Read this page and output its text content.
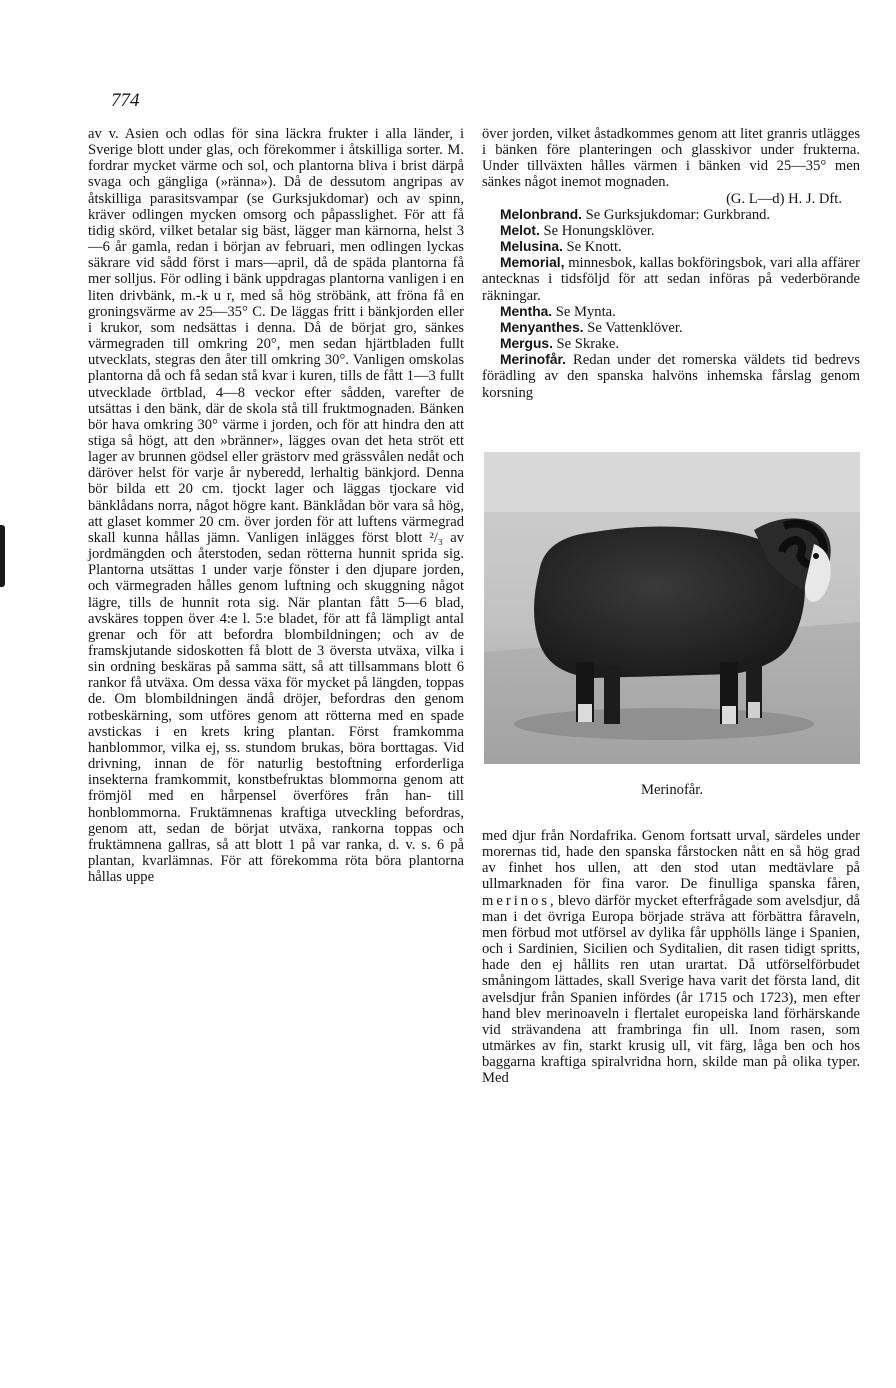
774

av v. Asien och odlas för sina läckra frukter i alla länder, i Sverige blott under glas, och förekommer i åtskilliga sorter. M. fordrar mycket värme och sol, och plantorna bliva i brist därpå svaga och gängliga (»ränna»). Då de dessutom angripas av åtskilliga parasitsvampar (se Gurksjukdomar) och av spinn, kräver odlingen mycken omsorg och påpasslighet. För att få tidig skörd, vilket betalar sig bäst, lägger man kärnorna, helst 3—6 år gamla, redan i början av februari, men odlingen lyckas säkrare vid sådd först i mars—april, då de späda plantorna få mer solljus. För odling i bänk uppdragas plantorna vanligen i en liten drivbänk, m.-k u r, med så hög ströbänk, att fröna få en groningsvärme av 25—35° C. De läggas fritt i bänkjorden eller i krukor, som nedsättas i denna. Då de börjat gro, sänkes värmegraden till omkring 20°, men sedan hjärtbladen fullt utvecklats, stegras den åter till omkring 30°. Vanligen omskolas plantorna då och få sedan stå kvar i kuren, tills de fått 1—3 fullt utvecklade örtblad, 4—8 veckor efter sådden, varefter de utsättas i den bänk, där de skola stå till fruktmognaden. Bänken bör hava omkring 30° värme i jorden, och för att hindra den att stiga så högt, att den »bränner», lägges ovan det heta ströt ett lager av brunnen gödsel eller grästorv med grässvålen nedåt och däröver helst för varje år nyberedd, lerhaltig bänkjord. Denna bör bilda ett 20 cm. tjockt lager och läggas tjockare vid bänklådans norra, något högre kant. Bänklådan bör vara så hög, att glaset kommer 20 cm. över jorden för att luftens värmegrad skall kunna hållas jämn. Vanligen inlägges först blott ²/₃ av jordmängden och återstoden, sedan rötterna hunnit sprida sig. Plantorna utsättas 1 under varje fönster i den djupare jorden, och värmegraden hålles genom luftning och skuggning något lägre, tills de hunnit rota sig. När plantan fått 5—6 blad, avskäres toppen över 4:e l. 5:e bladet, för att få lämpligt antal grenar och för att befordra blombildningen; och av de framskjutande sidoskotten få blott de 3 översta utväxa, vilka i sin ordning beskäras på samma sätt, så att tillsammans blott 6 rankor få utväxa. Om dessa växa för mycket på längden, toppas de. Om blombildningen ändå dröjer, befordras den genom rotbeskärning, som utföres genom att rötterna med en spade avstickas i en krets kring plantan. Först framkomma hanblommor, vilka ej, ss. stundom brukas, böra borttagas. Vid drivning, innan de för naturlig bestoftning erforderliga insekterna framkommit, konstbefruktas blommorna genom att frömjöl med en hårpensel överföres från han- till honblommorna. Fruktämnenas kraftiga utveckling befordras, genom att, sedan de börjat utväxa, rankorna toppas och fruktämnena gallras, så att blott 1 på var ranka, d. v. s. 6 på plantan, kvarlämnas. För att förekomma röta böra plantorna hållas uppe

över jorden, vilket åstadkommes genom att litet granris utlägges i bänken före planteringen och glasskivor under frukterna. Under tillväxten hålles värmen i bänken vid 25—35° men sänkes något inemot mognaden.

(G. L—d) H. J. Dft.

Melonbrand. Se Gurksjukdomar: Gurkbrand.

Melot. Se Honungsklöver.

Melusina. Se Knott.

Memorial, minnesbok, kallas bokföringsbok, vari alla affärer antecknas i tidsföljd för att sedan införas på vederbörande räkningar.

Mentha. Se Mynta.

Menyanthes. Se Vattenklöver.

Mergus. Se Skrake.

Merinofår. Redan under det romerska väldets tid bedrevs förädling av den spanska halvöns inhemska fårslag genom korsning

Merinofår.

med djur från Nordafrika. Genom fortsatt urval, särdeles under morernas tid, hade den spanska fårstocken nått en så hög grad av finhet hos ullen, att den stod utan medtävlare på ullmarknaden för fina varor. De finulliga spanska fåren, merinos, blevo därför mycket efterfrågade som avelsdjur, då man i det övriga Europa började sträva att förbättra fåraveln, men förbud mot utförsel av dylika får upphölls länge i Spanien, och i Sardinien, Sicilien och Syditalien, dit rasen tidigt spritts, hade den ej hållits ren utan urartat. Då utförselförbudet småningom lättades, skall Sverige hava varit det första land, dit avelsdjur från Spanien infördes (år 1715 och 1723), men efter hand blev merinoaveln i flertalet europeiska land förhärskande vid strävandena att frambringa fin ull. Inom rasen, som utmärkes av fin, starkt krusig ull, vit färg, låga ben och hos baggarna kraftiga spiralvridna horn, skilde man på olika typer. Med
